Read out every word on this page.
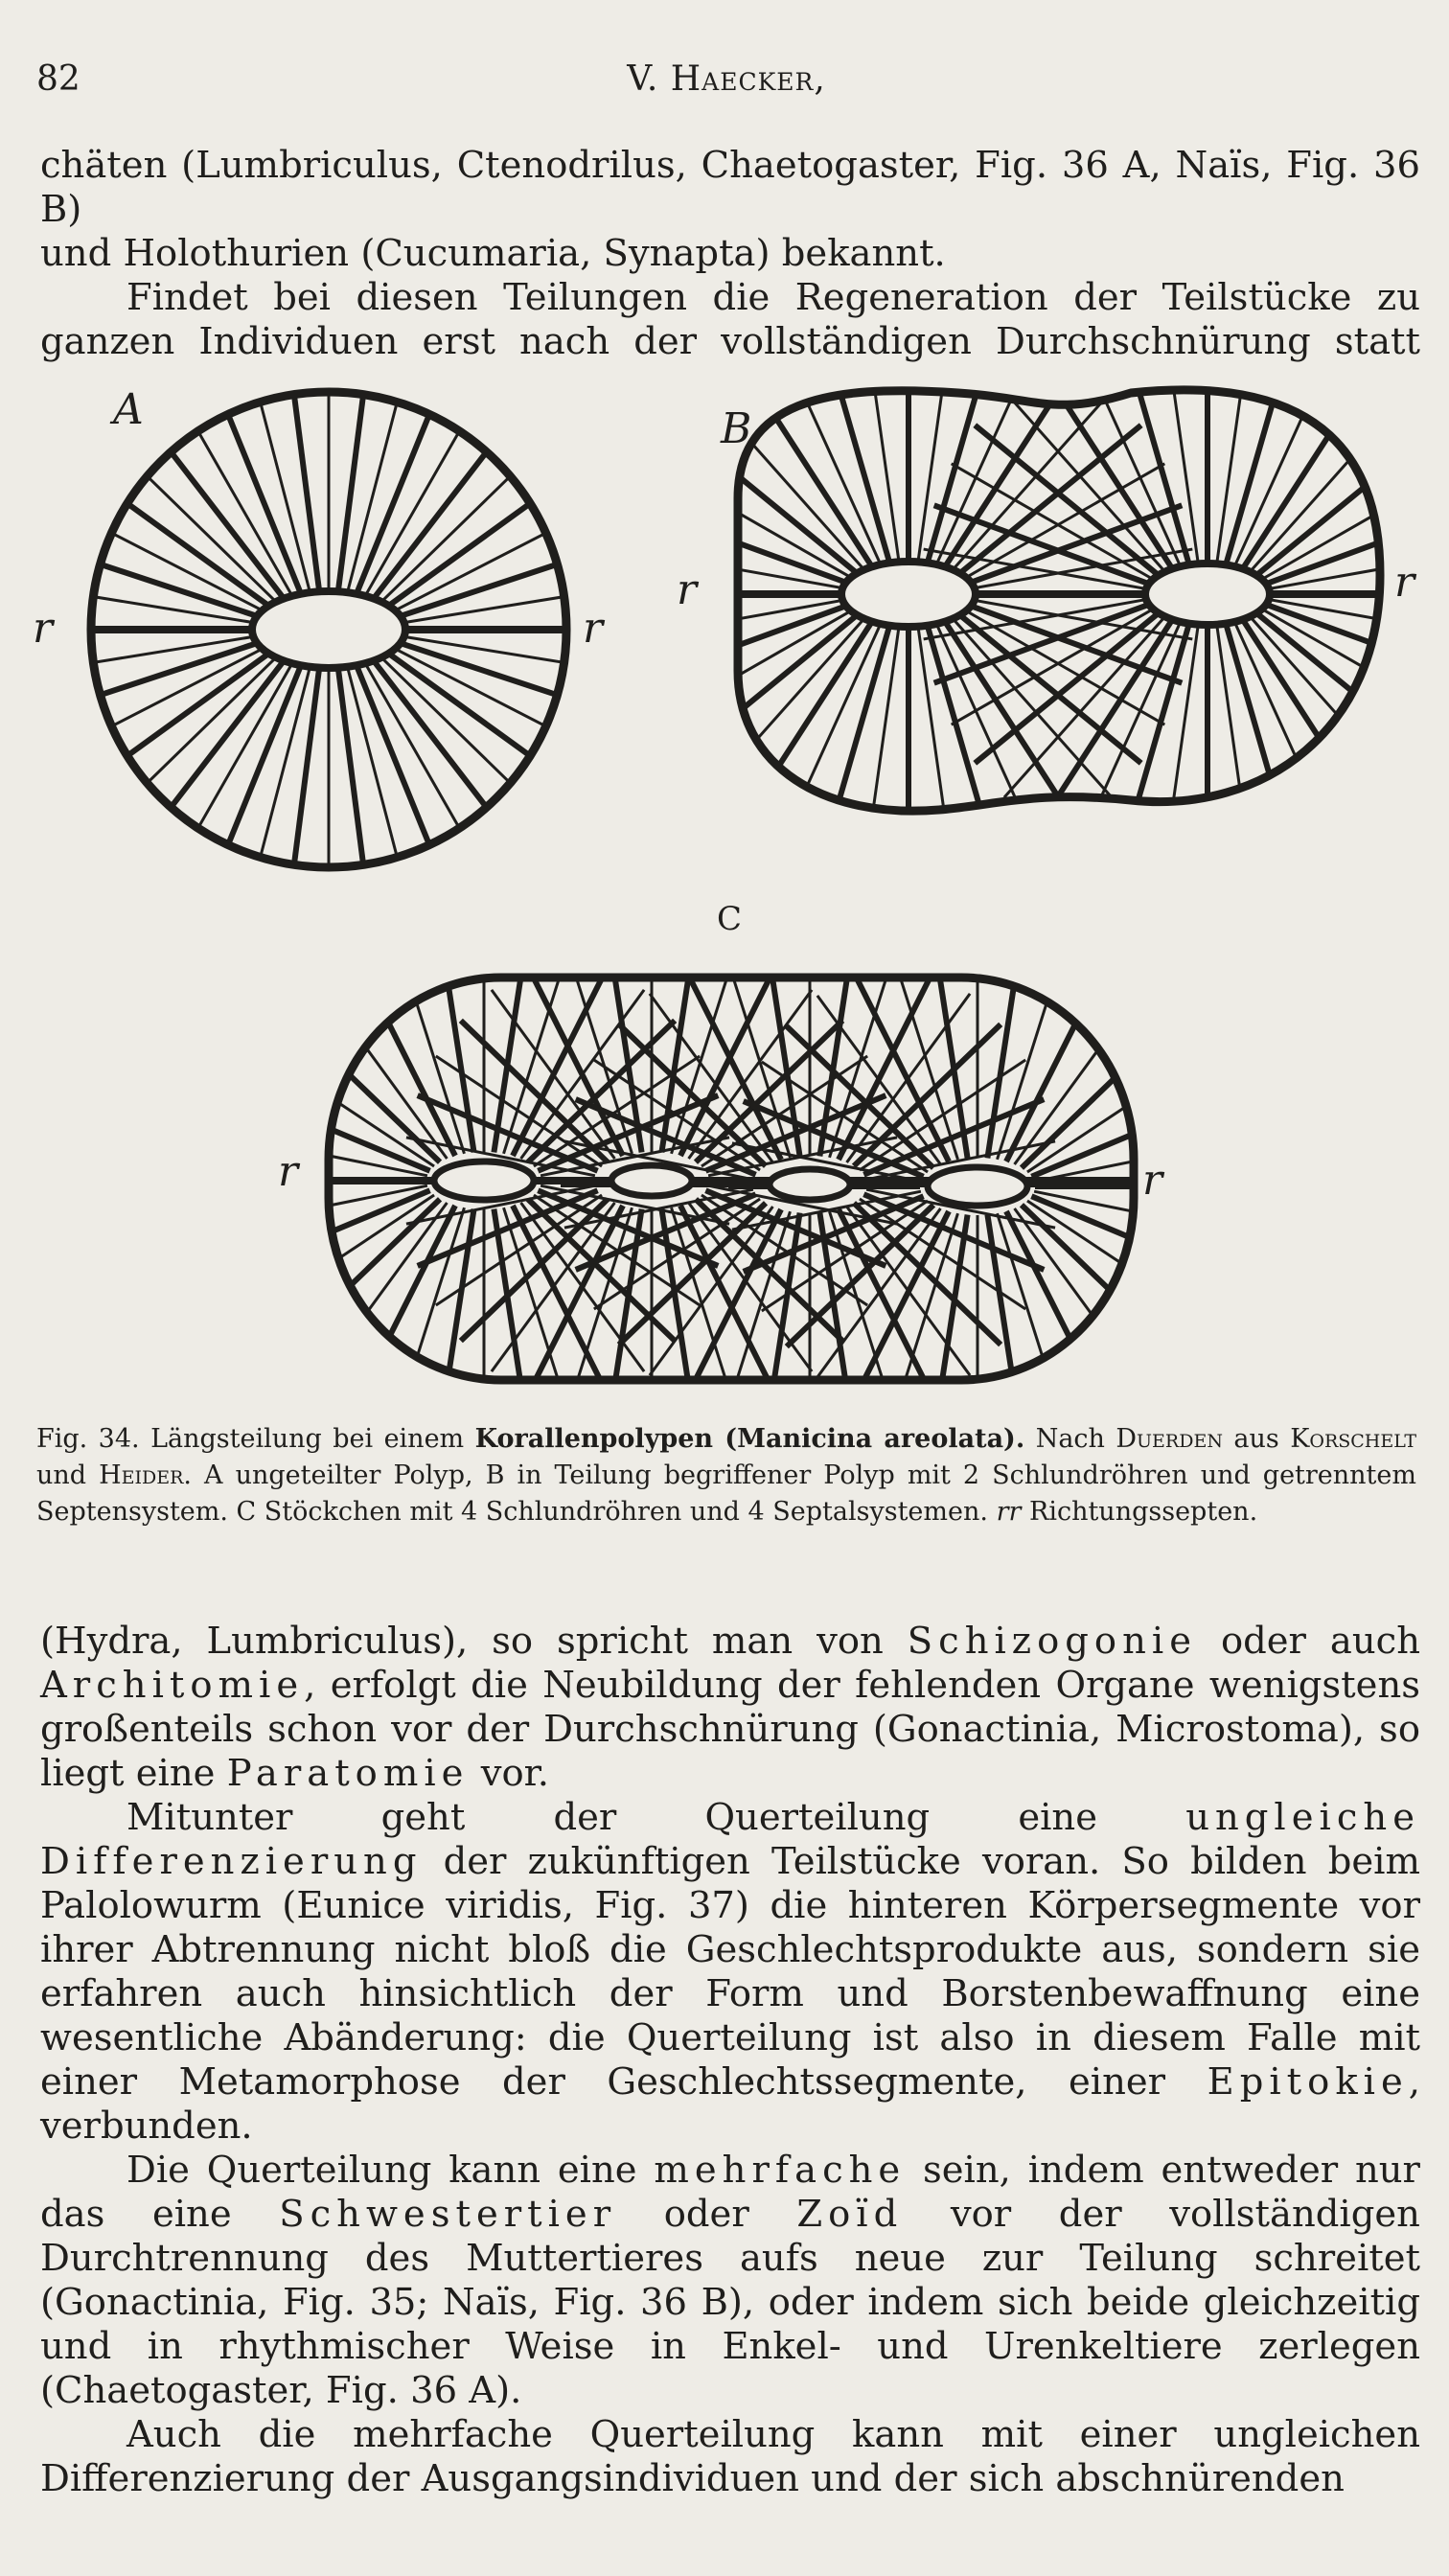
82	V. Haecker,
chäten (Lumbriculus, Ctenodrilus, Chaetogaster, Fig. 36 A, Naïs, Fig. 36 B)
und Holothurien (Cucumaria, Synapta) bekannt.
Findet bei diesen Teilungen die Regeneration der Teilstücke zu
ganzen Individuen erst nach der vollständigen Durchschnürung statt
A	B
C
r	r
r	r
r	r
Fig. 34. Längsteilung bei einem Korallenpolypen (Manicina areolata). Nach Duerden aus Korschelt und Heider. A ungeteilter Polyp, B in Teilung begriffener Polyp mit 2 Schlundröhren und getrenntem Septensystem. C Stöckchen mit 4 Schlundröhren und 4 Septalsystemen. rr Richtungssepten.

(Hydra, Lumbriculus), so spricht man von Schizogonie oder auch Architomie, erfolgt die Neubildung der fehlenden Organe wenigstens großenteils schon vor der Durchschnürung (Gonactinia, Microstoma), so liegt eine Paratomie vor.

Mitunter geht der Querteilung eine ungleiche Differenzierung der zukünftigen Teilstücke voran. So bilden beim Palolowurm (Eunice viridis, Fig. 37) die hinteren Körpersegmente vor ihrer Abtrennung nicht bloß die Geschlechtsprodukte aus, sondern sie erfahren auch hinsichtlich der Form und Borstenbewaffnung eine wesentliche Abänderung: die Querteilung ist also in diesem Falle mit einer Metamorphose der Geschlechtssegmente, einer Epitokie, verbunden.

Die Querteilung kann eine mehrfache sein, indem entweder nur das eine Schwestertier oder Zoïd vor der vollständigen Durchtrennung des Muttertieres aufs neue zur Teilung schreitet (Gonactinia, Fig. 35; Naïs, Fig. 36 B), oder indem sich beide gleichzeitig und in rhythmischer Weise in Enkel- und Urenkeltiere zerlegen (Chaetogaster, Fig. 36 A).

Auch die mehrfache Querteilung kann mit einer ungleichen Differenzierung der Ausgangsindividuen und der sich abschnürenden
